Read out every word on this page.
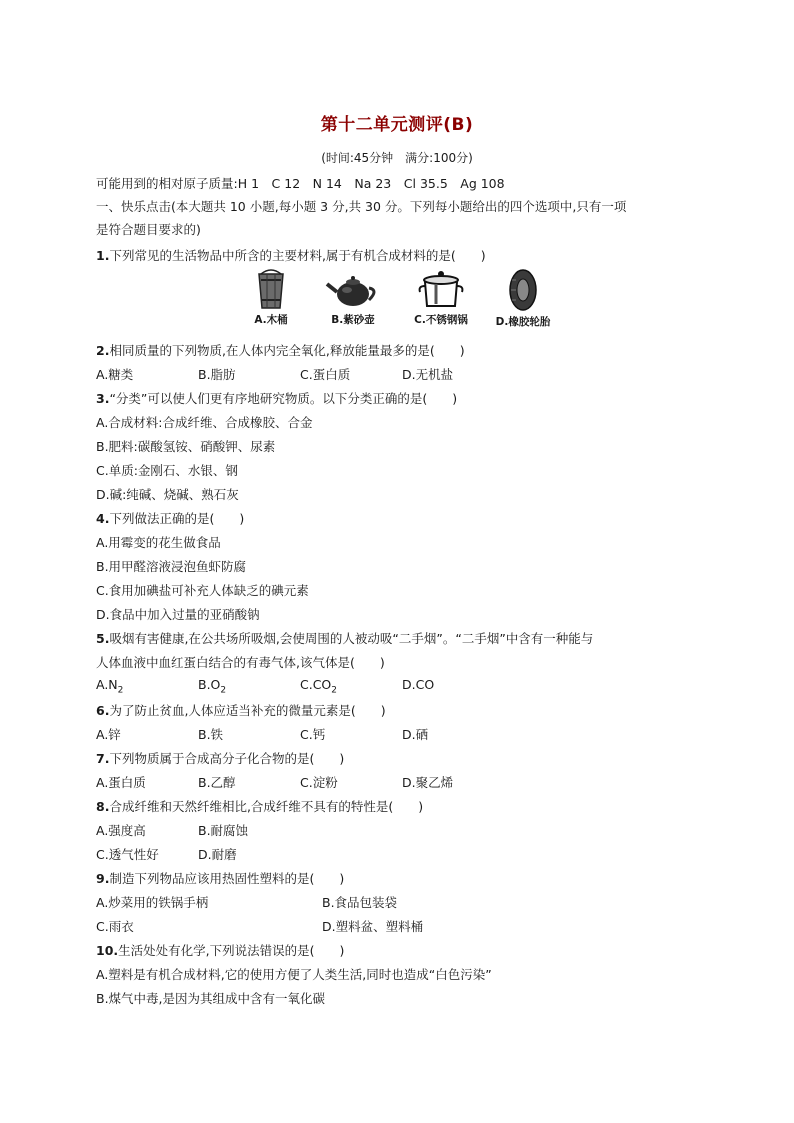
第十二单元测评(B)
(时间:45分钟　满分:100分)
可能用到的相对原子质量:H 1　C 12　N 14　Na 23　Cl 35.5　Ag 108
一、快乐点击(本大题共 10 小题,每小题 3 分,共 30 分。下列每小题给出的四个选项中,只有一项
是符合题目要求的)
1.下列常见的生活物品中所含的主要材料,属于有机合成材料的是(　　)
A.木桶	B.紫砂壶	C.不锈钢锅	D.橡胶轮胎
2.相同质量的下列物质,在人体内完全氧化,释放能量最多的是(　　)
A.糖类	B.脂肪	C.蛋白质	D.无机盐
3.“分类”可以使人们更有序地研究物质。以下分类正确的是(　　)
A.合成材料:合成纤维、合成橡胶、合金
B.肥料:碳酸氢铵、硝酸钾、尿素
C.单质:金刚石、水银、钢
D.碱:纯碱、烧碱、熟石灰
4.下列做法正确的是(　　)
A.用霉变的花生做食品
B.用甲醛溶液浸泡鱼虾防腐
C.食用加碘盐可补充人体缺乏的碘元素
D.食品中加入过量的亚硝酸钠
5.吸烟有害健康,在公共场所吸烟,会使周围的人被动吸“二手烟”。“二手烟”中含有一种能与
人体血液中血红蛋白结合的有毒气体,该气体是(　　)
$A.N_2$	$B.O_2$	$C.CO_2$	D.CO
6.为了防止贫血,人体应适当补充的微量元素是(　　)
A.锌	B.铁	C.钙	D.硒
7.下列物质属于合成高分子化合物的是(　　)
A.蛋白质	B.乙醇	C.淀粉	D.聚乙烯
8.合成纤维和天然纤维相比,合成纤维不具有的特性是(　　)
A.强度高	B.耐腐蚀
C.透气性好	D.耐磨
9.制造下列物品应该用热固性塑料的是(　　)
A.炒菜用的铁锅手柄	B.食品包装袋
C.雨衣	D.塑料盆、塑料桶
10.生活处处有化学,下列说法错误的是(　　)
A.塑料是有机合成材料,它的使用方便了人类生活,同时也造成“白色污染”
B.煤气中毒,是因为其组成中含有一氧化碳
